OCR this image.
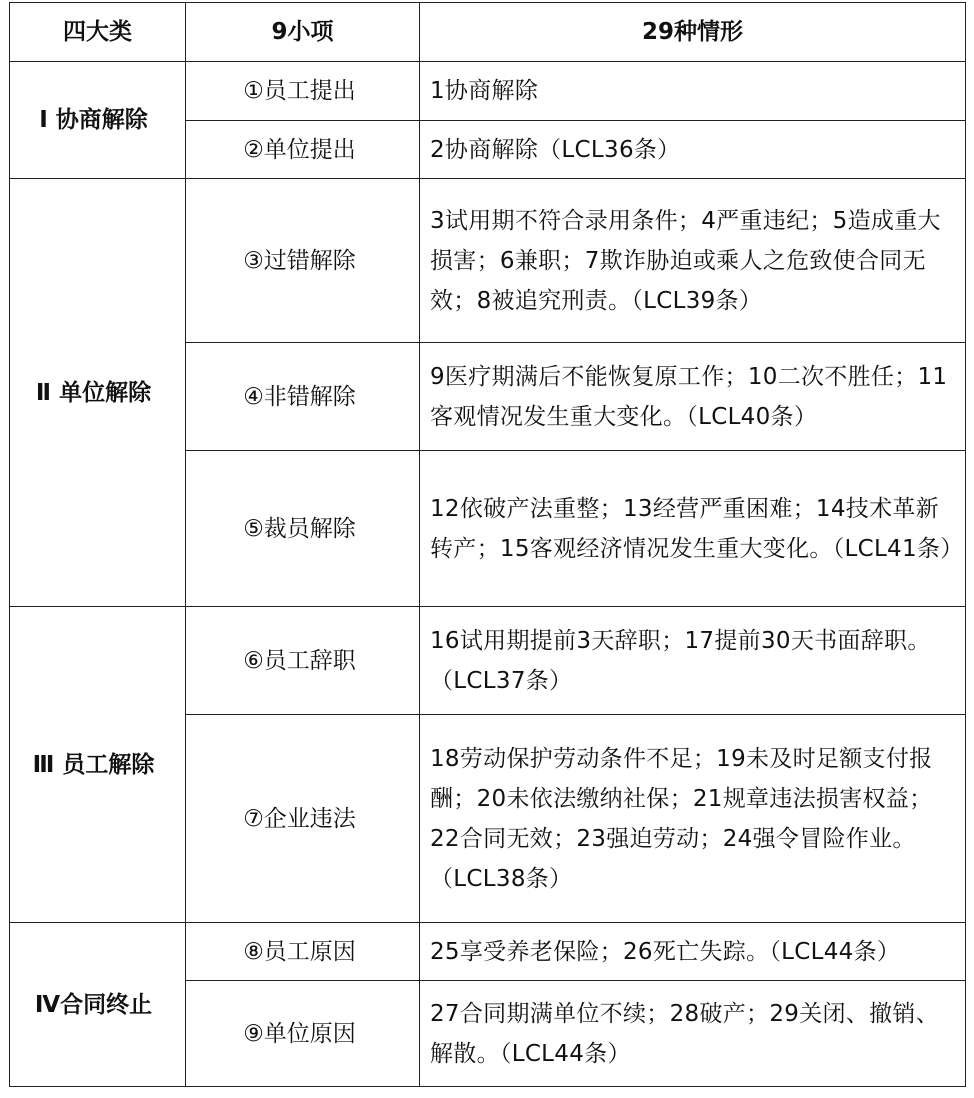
四大类	9小项	29种情形
Ⅰ 协商解除	①员工提出	1协商解除
	②单位提出	2协商解除（LCL36条）
Ⅱ 单位解除	③过错解除	3试用期不符合录用条件；4严重违纪；5造成重大损害；6兼职；7欺诈胁迫或乘人之危致使合同无效；8被追究刑责。（LCL39条）
	④非错解除	9医疗期满后不能恢复原工作；10二次不胜任；11客观情况发生重大变化。（LCL40条）
	⑤裁员解除	12依破产法重整；13经营严重困难；14技术革新转产；15客观经济情况发生重大变化。（LCL41条）
Ⅲ 员工解除	⑥员工辞职	16试用期提前3天辞职；17提前30天书面辞职。（LCL37条）
	⑦企业违法	18劳动保护劳动条件不足；19未及时足额支付报酬；20未依法缴纳社保；21规章违法损害权益；22合同无效；23强迫劳动；24强令冒险作业。（LCL38条）
Ⅳ合同终止	⑧员工原因	25享受养老保险；26死亡失踪。（LCL44条）
	⑨单位原因	27合同期满单位不续；28破产；29关闭、撤销、解散。（LCL44条）
